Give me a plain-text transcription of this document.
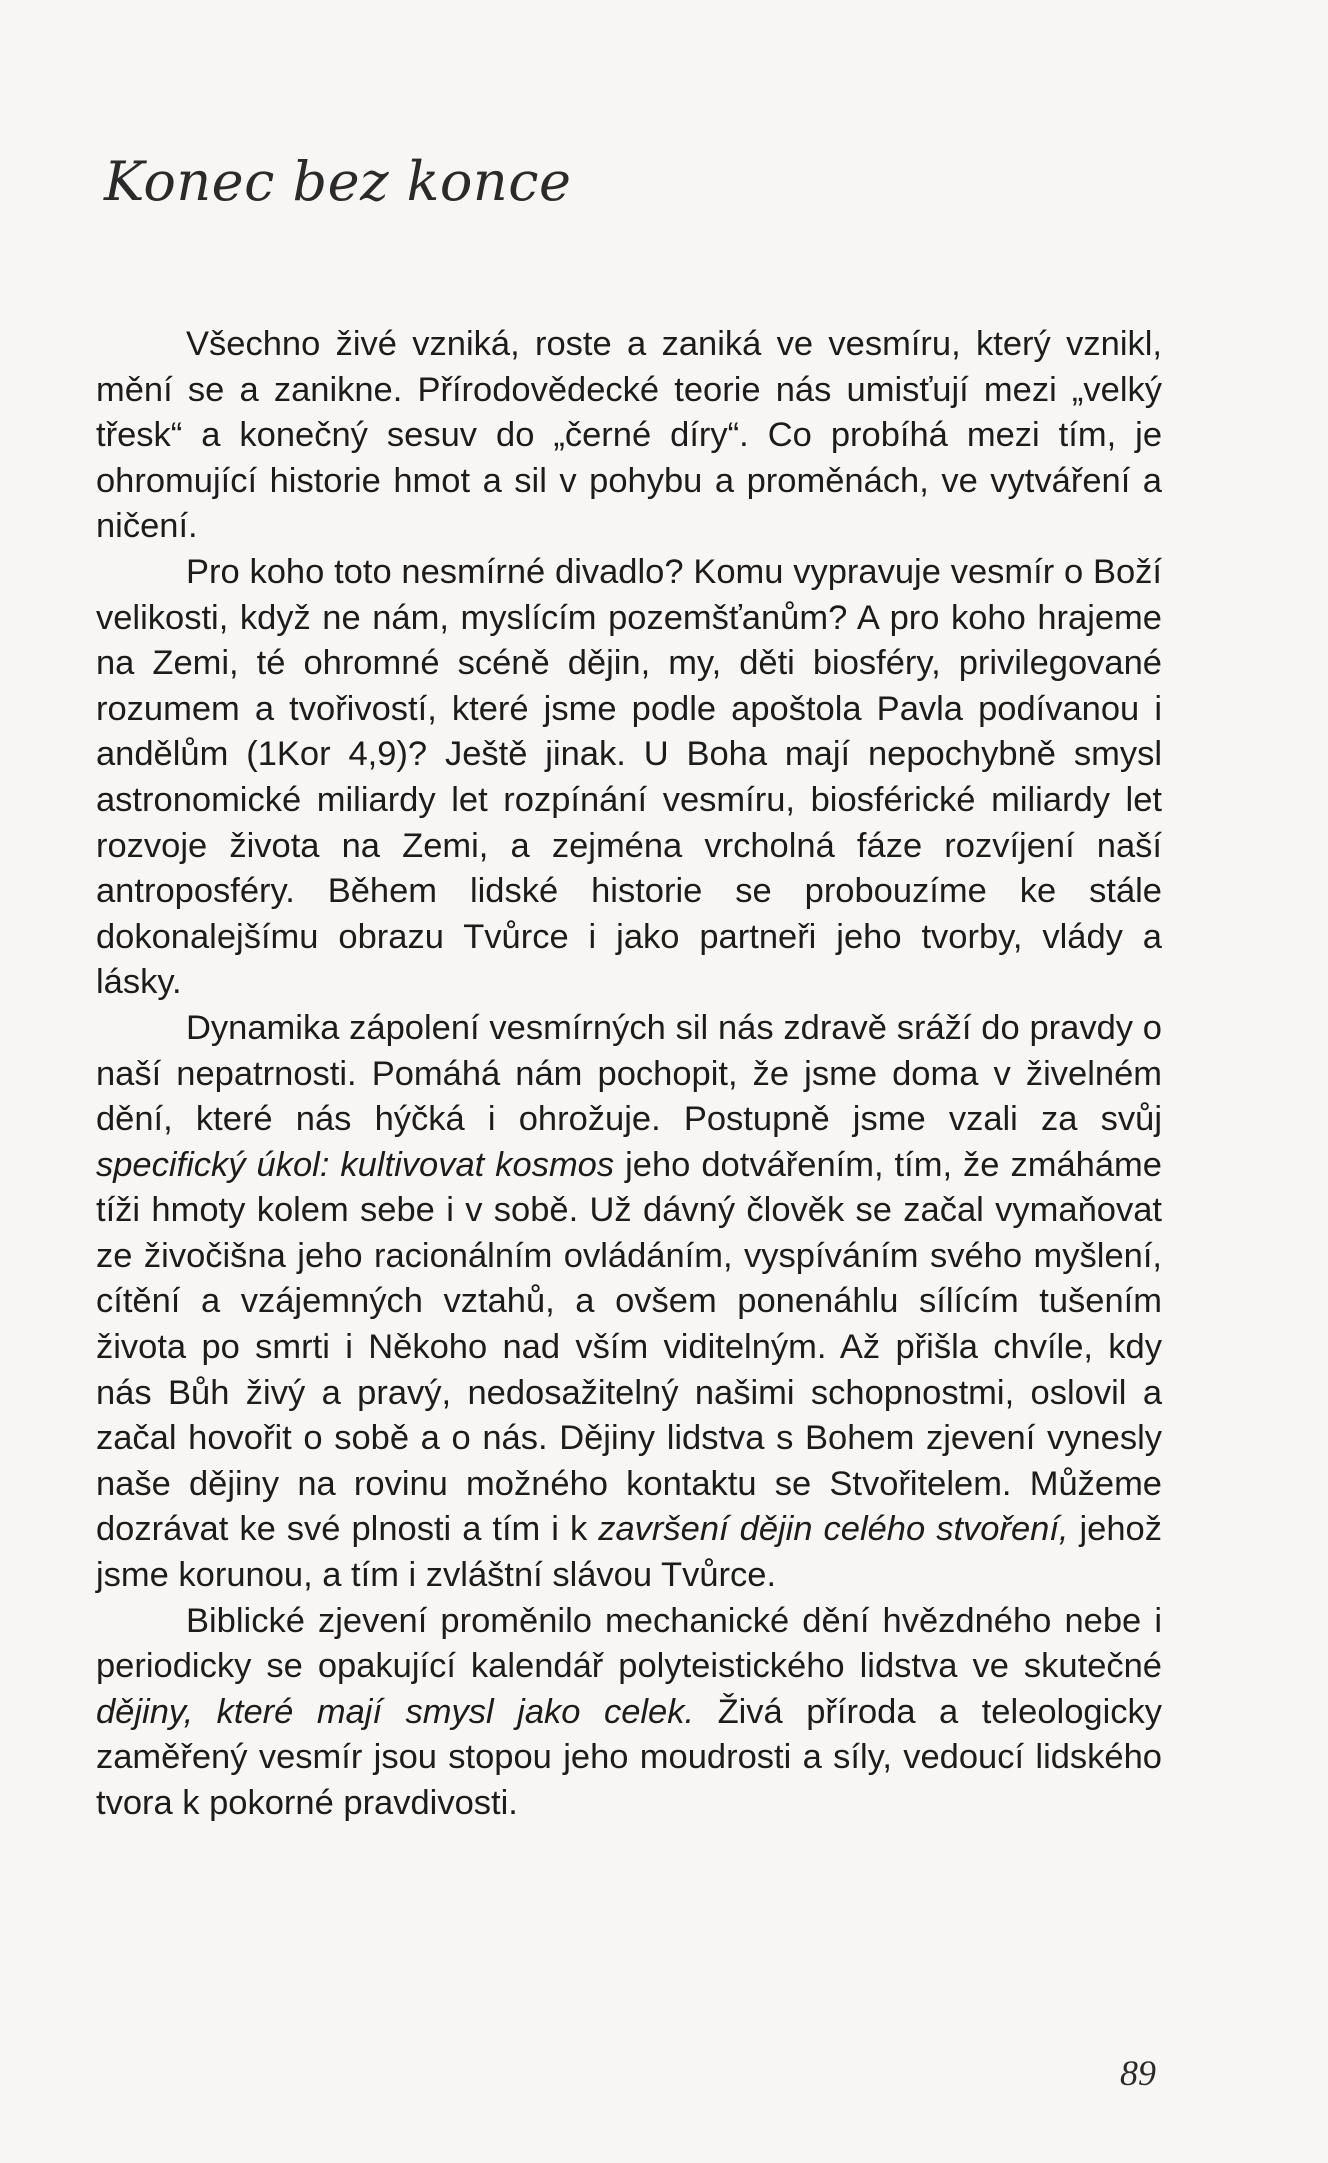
Konec bez konce

Všechno živé vzniká, roste a zaniká ve vesmíru, který vznikl, mění se a zanikne. Přírodovědecké teorie nás umisťují mezi „velký třesk“ a konečný sesuv do „černé díry“. Co probíhá mezi tím, je ohromující historie hmot a sil v pohybu a proměnách, ve vytváření a ničení.

Pro koho toto nesmírné divadlo? Komu vypravuje vesmír o Boží velikosti, když ne nám, myslícím pozemšťanům? A pro koho hrajeme na Zemi, té ohromné scéně dějin, my, děti biosféry, privilegované rozumem a tvořivostí, které jsme podle apoštola Pavla podívanou i andělům (1Kor 4,9)? Ještě jinak. U Boha mají nepochybně smysl astronomické miliardy let rozpínání vesmíru, biosférické miliardy let rozvoje života na Zemi, a zejména vrcholná fáze rozvíjení naší antroposféry. Během lidské historie se probouzíme ke stále dokonalejšímu obrazu Tvůrce i jako partneři jeho tvorby, vlády a lásky.

Dynamika zápolení vesmírných sil nás zdravě sráží do pravdy o naší nepatrnosti. Pomáhá nám pochopit, že jsme doma v živelném dění, které nás hýčká i ohrožuje. Postupně jsme vzali za svůj specifický úkol: kultivovat kosmos jeho dotvářením, tím, že zmáháme tíži hmoty kolem sebe i v sobě. Už dávný člověk se začal vymaňovat ze živočišna jeho racionálním ovládáním, vyspíváním svého myšlení, cítění a vzájemných vztahů, a ovšem ponenáhlu sílícím tušením života po smrti i Někoho nad vším viditelným. Až přišla chvíle, kdy nás Bůh živý a pravý, nedosažitelný našimi schopnostmi, oslovil a začal hovořit o sobě a o nás. Dějiny lidstva s Bohem zjevení vynesly naše dějiny na rovinu možného kontaktu se Stvořitelem. Můžeme dozrávat ke své plnosti a tím i k završení dějin celého stvoření, jehož jsme korunou, a tím i zvláštní slávou Tvůrce.

Biblické zjevení proměnilo mechanické dění hvězdného nebe i periodicky se opakující kalendář polyteistického lidstva ve skutečné dějiny, které mají smysl jako celek. Živá příroda a teleologicky zaměřený vesmír jsou stopou jeho moudrosti a síly, vedoucí lidského tvora k pokorné pravdivosti.

89
